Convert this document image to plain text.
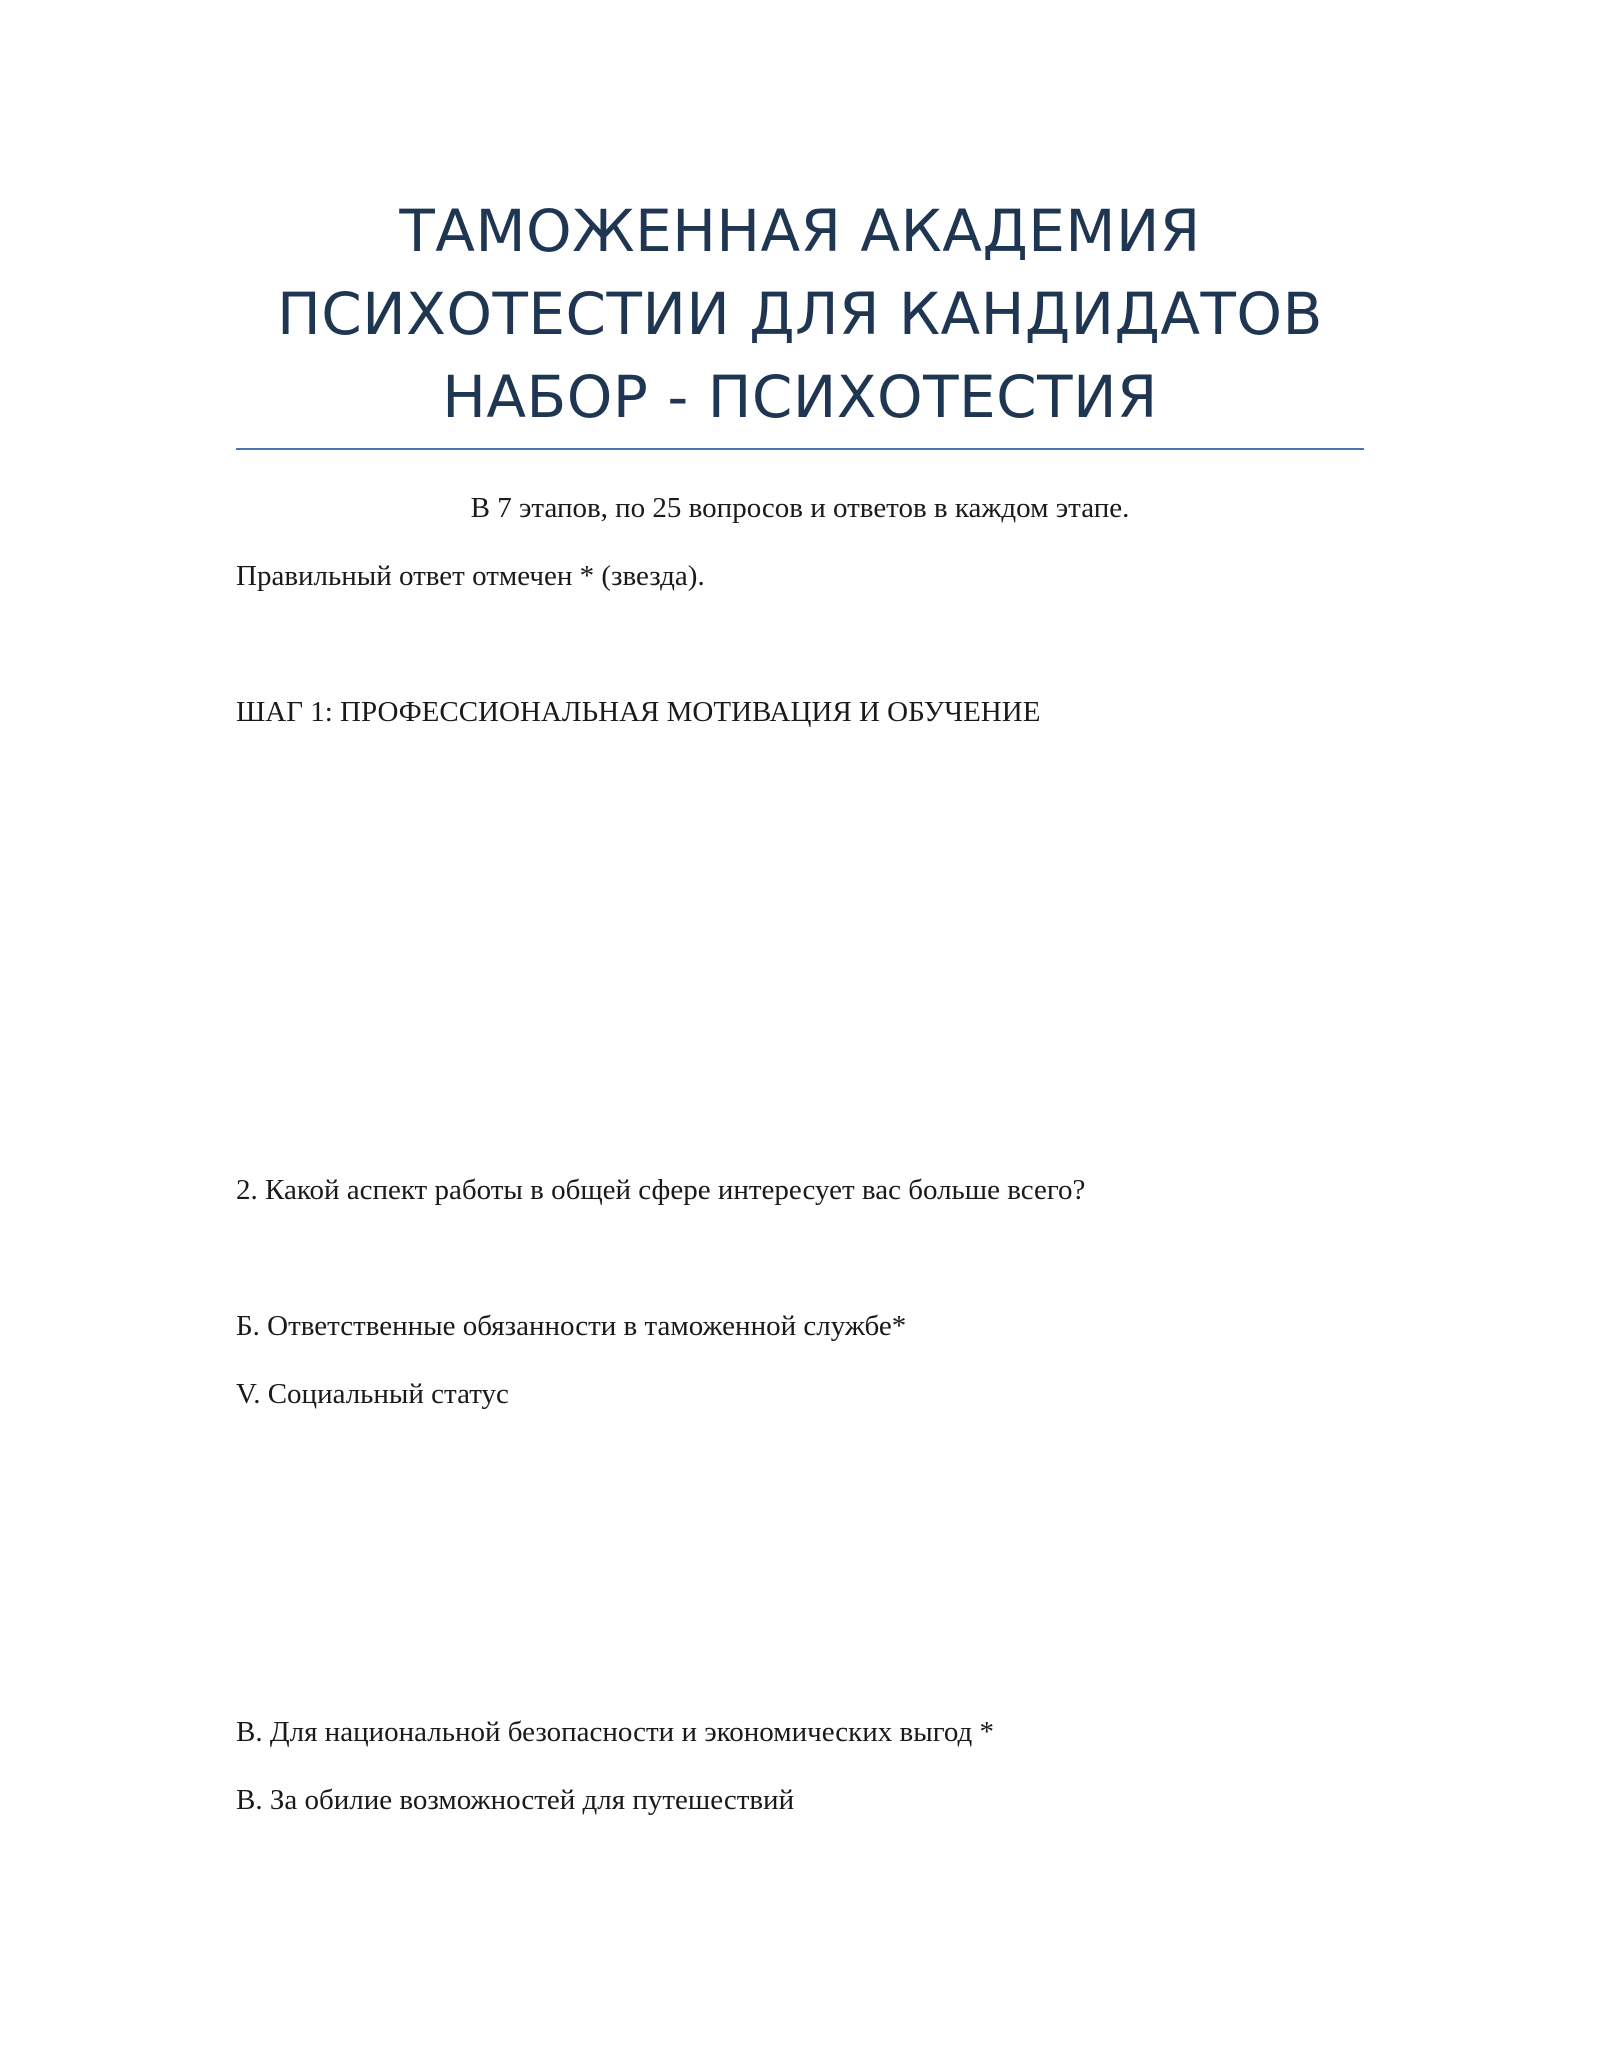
ТАМОЖЕННАЯ АКАДЕМИЯ
ПСИХОТЕСТИИ ДЛЯ КАНДИДАТОВ
НАБОР - ПСИХОТЕСТИЯ
В 7 этапов, по 25 вопросов и ответов в каждом этапе.
Правильный ответ отмечен * (звезда).
ШАГ 1: ПРОФЕССИОНАЛЬНАЯ МОТИВАЦИЯ И ОБУЧЕНИЕ
2. Какой аспект работы в общей сфере интересует вас больше всего?
Б. Ответственные обязанности в таможенной службе*
V. Социальный статус
В. Для национальной безопасности и экономических выгод *
В. За обилие возможностей для путешествий
